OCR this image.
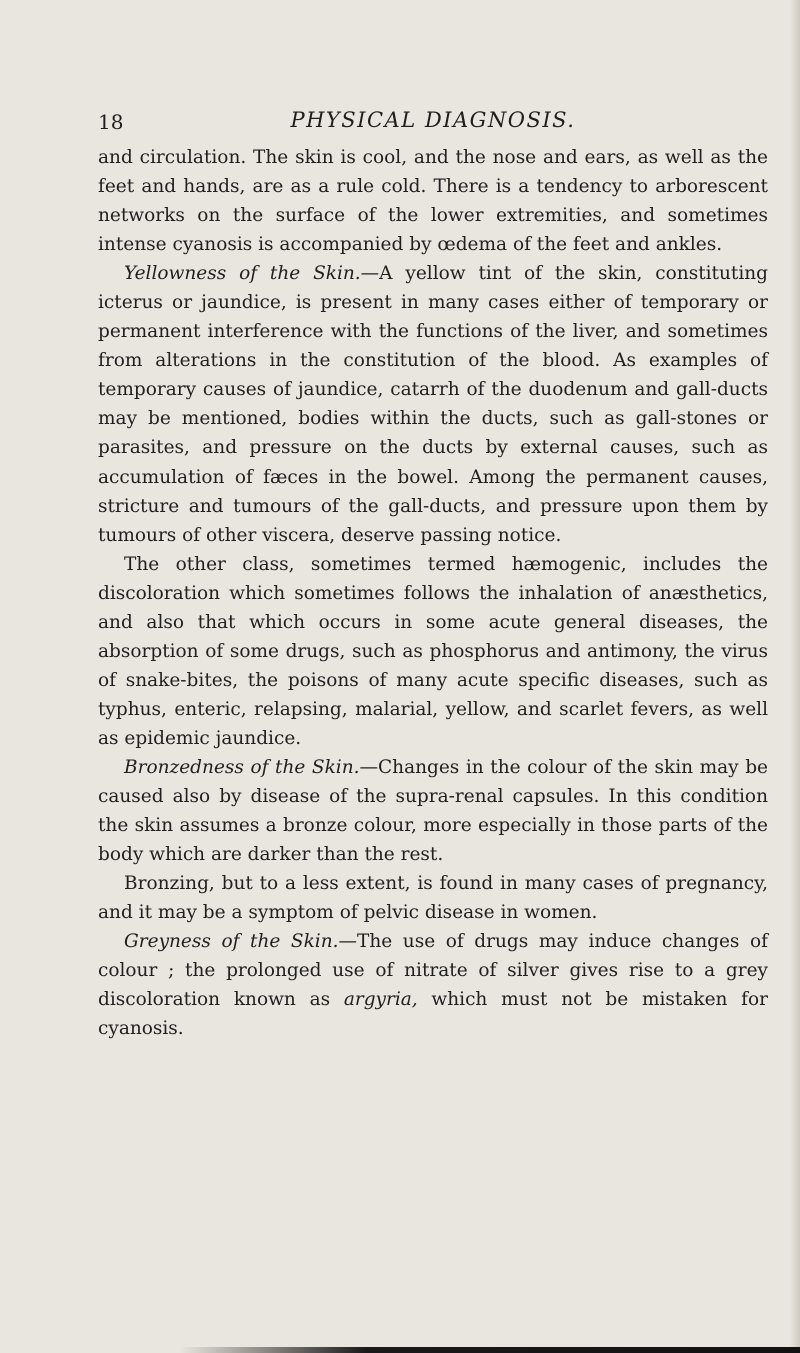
18	PHYSICAL DIAGNOSIS.

and circulation. The skin is cool, and the nose and ears, as well as the feet and hands, are as a rule cold. There is a tendency to arborescent networks on the surface of the lower extremities, and sometimes intense cyanosis is accompanied by œdema of the feet and ankles.

Yellowness of the Skin.—A yellow tint of the skin, constituting icterus or jaundice, is present in many cases either of temporary or permanent interference with the functions of the liver, and sometimes from alterations in the constitution of the blood. As examples of temporary causes of jaundice, catarrh of the duodenum and gall-ducts may be mentioned, bodies within the ducts, such as gall-stones or parasites, and pressure on the ducts by external causes, such as accumulation of fæces in the bowel. Among the permanent causes, stricture and tumours of the gall-ducts, and pressure upon them by tumours of other viscera, deserve passing notice.

The other class, sometimes termed hæmogenic, includes the discoloration which sometimes follows the inhalation of anæsthetics, and also that which occurs in some acute general diseases, the absorption of some drugs, such as phosphorus and antimony, the virus of snake-bites, the poisons of many acute specific diseases, such as typhus, enteric, relapsing, malarial, yellow, and scarlet fevers, as well as epidemic jaundice.

Bronzedness of the Skin.—Changes in the colour of the skin may be caused also by disease of the supra-renal capsules. In this condition the skin assumes a bronze colour, more especially in those parts of the body which are darker than the rest.

Bronzing, but to a less extent, is found in many cases of pregnancy, and it may be a symptom of pelvic disease in women.

Greyness of the Skin.—The use of drugs may induce changes of colour ; the prolonged use of nitrate of silver gives rise to a grey discoloration known as argyria, which must not be mistaken for cyanosis.
